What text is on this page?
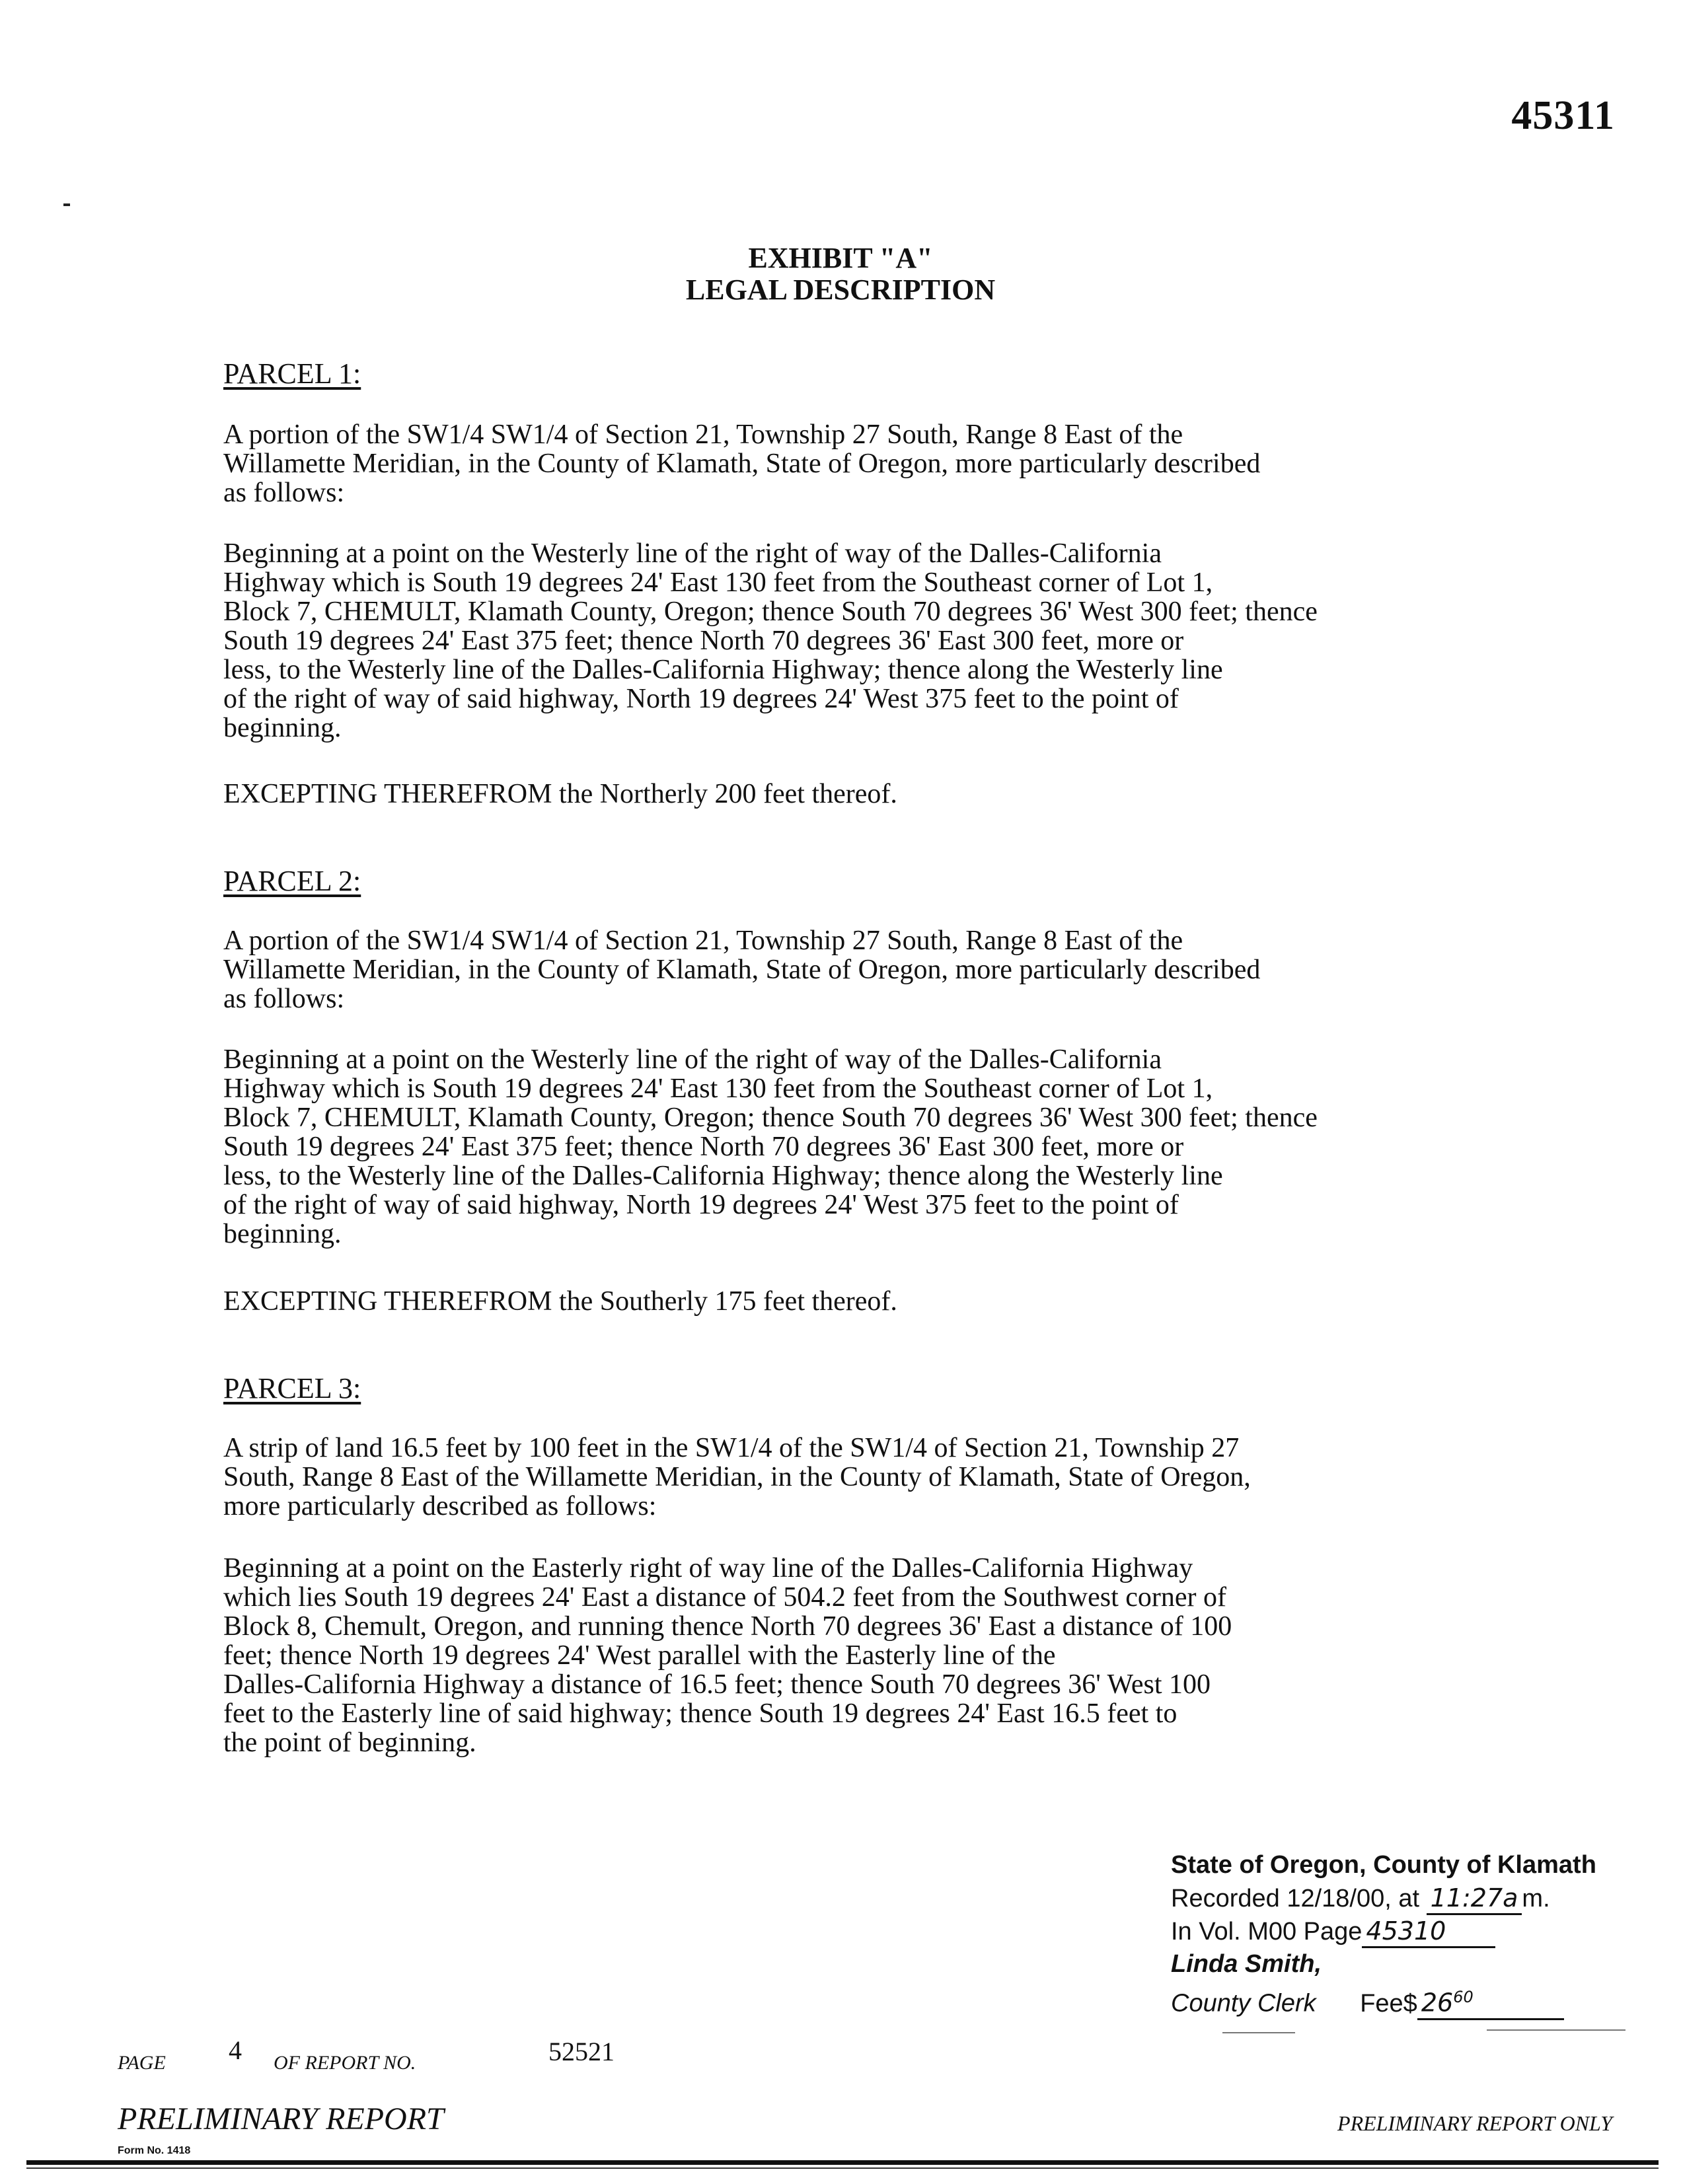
45311
EXHIBIT "A"
LEGAL DESCRIPTION
PARCEL 1:
A portion of the SW1/4 SW1/4 of Section 21, Township 27 South, Range 8 East of the
Willamette Meridian, in the County of Klamath, State of Oregon, more particularly described
as follows:
Beginning at a point on the Westerly line of the right of way of the Dalles-California
Highway which is South 19 degrees 24' East 130 feet from the Southeast corner of Lot 1,
Block 7, CHEMULT, Klamath County, Oregon; thence South 70 degrees 36' West 300 feet; thence
South 19 degrees 24' East 375 feet; thence North 70 degrees 36' East 300 feet, more or
less, to the Westerly line of the Dalles-California Highway; thence along the Westerly line
of the right of way of said highway, North 19 degrees 24' West 375 feet to the point of
beginning.
EXCEPTING THEREFROM the Northerly 200 feet thereof.
PARCEL 2:
A portion of the SW1/4 SW1/4 of Section 21, Township 27 South, Range 8 East of the
Willamette Meridian, in the County of Klamath, State of Oregon, more particularly described
as follows:
Beginning at a point on the Westerly line of the right of way of the Dalles-California
Highway which is South 19 degrees 24' East 130 feet from the Southeast corner of Lot 1,
Block 7, CHEMULT, Klamath County, Oregon; thence South 70 degrees 36' West 300 feet; thence
South 19 degrees 24' East 375 feet; thence North 70 degrees 36' East 300 feet, more or
less, to the Westerly line of the Dalles-California Highway; thence along the Westerly line
of the right of way of said highway, North 19 degrees 24' West 375 feet to the point of
beginning.
EXCEPTING THEREFROM the Southerly 175 feet thereof.
PARCEL 3:
A strip of land 16.5 feet by 100 feet in the SW1/4 of the SW1/4 of Section 21, Township 27
South, Range 8 East of the Willamette Meridian, in the County of Klamath, State of Oregon,
more particularly described as follows:
Beginning at a point on the Easterly right of way line of the Dalles-California Highway
which lies South 19 degrees 24' East a distance of 504.2 feet from the Southwest corner of
Block 8, Chemult, Oregon, and running thence North 70 degrees 36' East a distance of 100
feet; thence North 19 degrees 24' West parallel with the Easterly line of the
Dalles-California Highway a distance of 16.5 feet; thence South 70 degrees 36' West 100
feet to the Easterly line of said highway; thence South 19 degrees 24' East 16.5 feet to
the point of beginning.
State of Oregon, County of Klamath
Recorded 12/18/00, at 11:27a m.
In Vol. M00 Page 45310
Linda Smith,
County Clerk Fee$ $26^{60}$
PAGE 4 OF REPORT NO.	52521
PRELIMINARY REPORT	PRELIMINARY REPORT ONLY
Form No. 1418
